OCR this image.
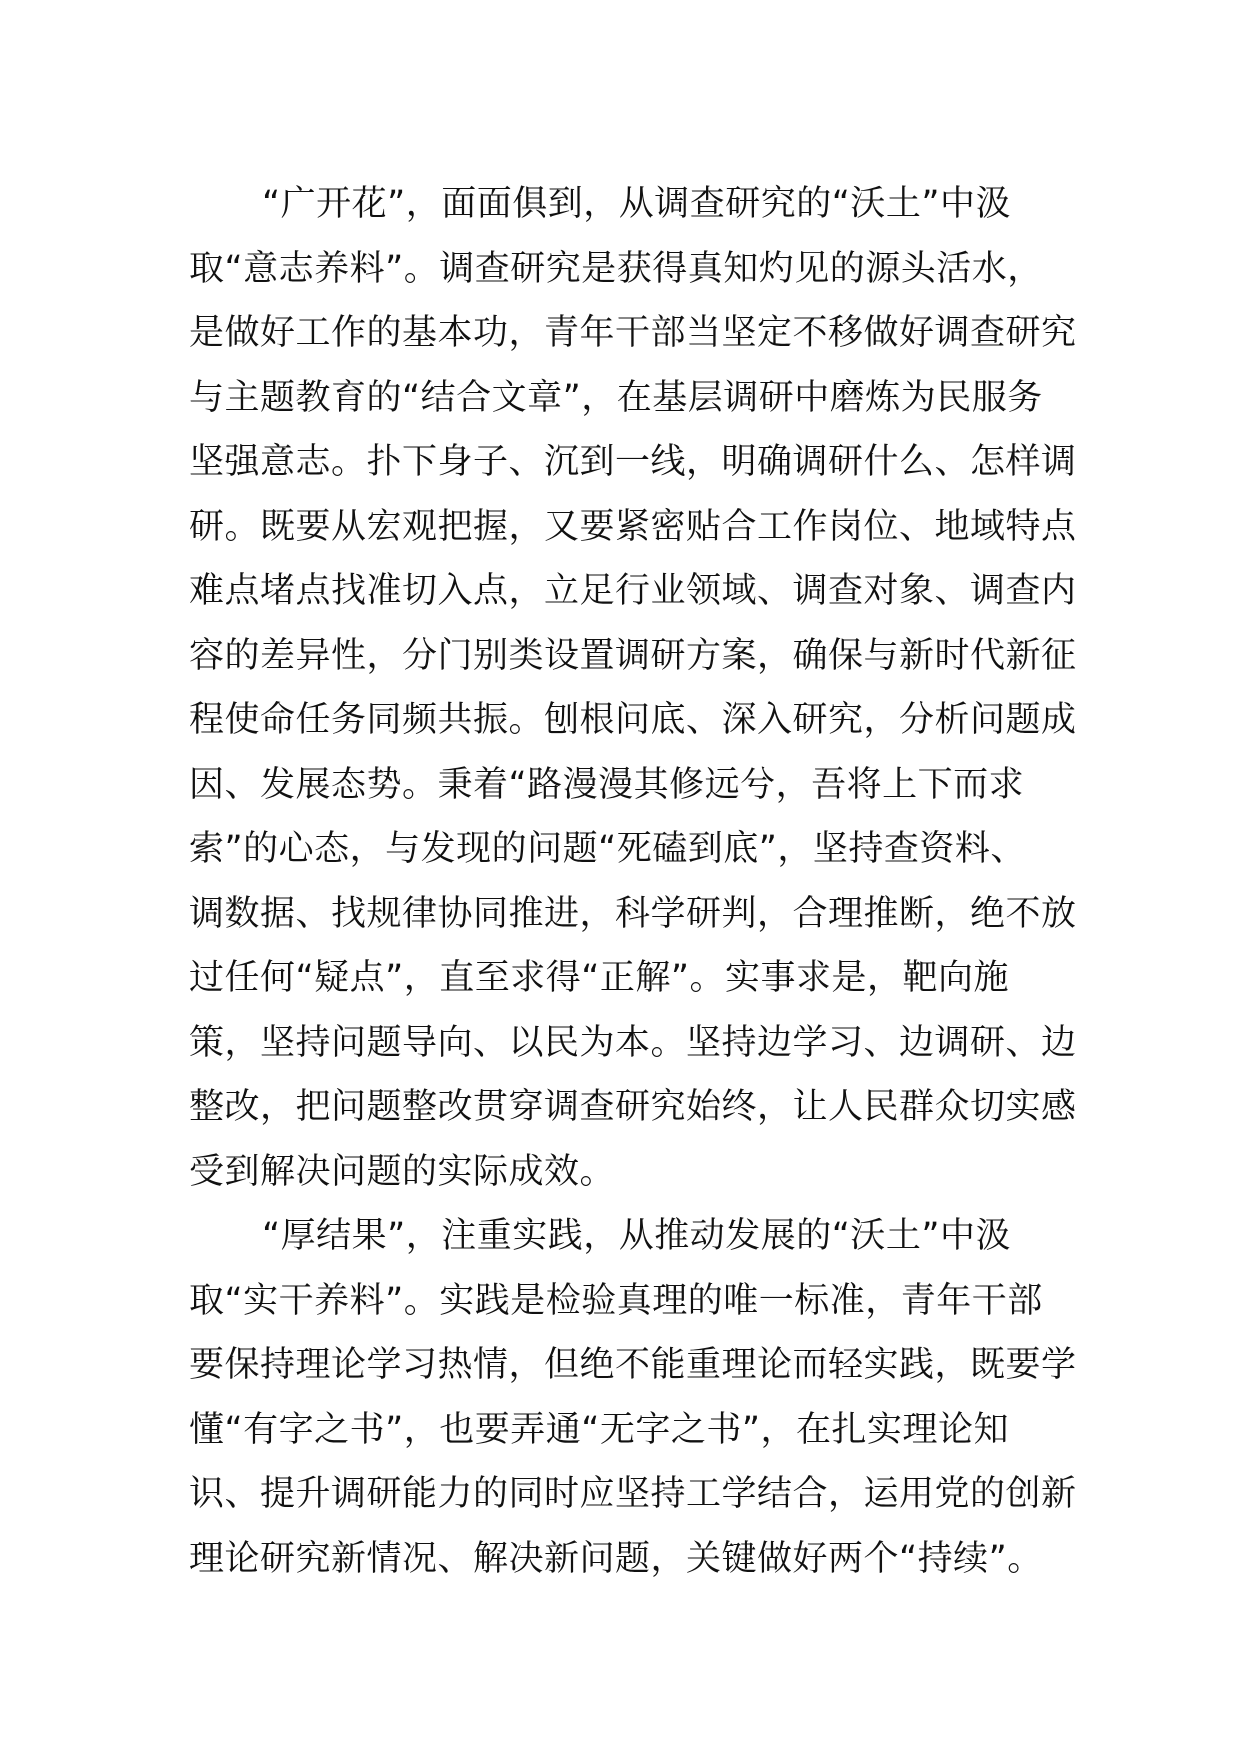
“广开花”，面面俱到，从调查研究的“沃土”中汲
取“意志养料”。调查研究是获得真知灼见的源头活水，
是做好工作的基本功，青年干部当坚定不移做好调查研究
与主题教育的“结合文章”，在基层调研中磨炼为民服务
坚强意志。扑下身子、沉到一线，明确调研什么、怎样调
研。既要从宏观把握，又要紧密贴合工作岗位、地域特点
难点堵点找准切入点，立足行业领域、调查对象、调查内
容的差异性，分门别类设置调研方案，确保与新时代新征
程使命任务同频共振。刨根问底、深入研究，分析问题成
因、发展态势。秉着“路漫漫其修远兮，吾将上下而求
索”的心态，与发现的问题“死磕到底”，坚持查资料、
调数据、找规律协同推进，科学研判，合理推断，绝不放
过任何“疑点”，直至求得“正解”。实事求是，靶向施
策，坚持问题导向、以民为本。坚持边学习、边调研、边
整改，把问题整改贯穿调查研究始终，让人民群众切实感
受到解决问题的实际成效。

“厚结果”，注重实践，从推动发展的“沃土”中汲
取“实干养料”。实践是检验真理的唯一标准，青年干部
要保持理论学习热情，但绝不能重理论而轻实践，既要学
懂“有字之书”，也要弄通“无字之书”，在扎实理论知
识、提升调研能力的同时应坚持工学结合，运用党的创新
理论研究新情况、解决新问题，关键做好两个“持续”。
